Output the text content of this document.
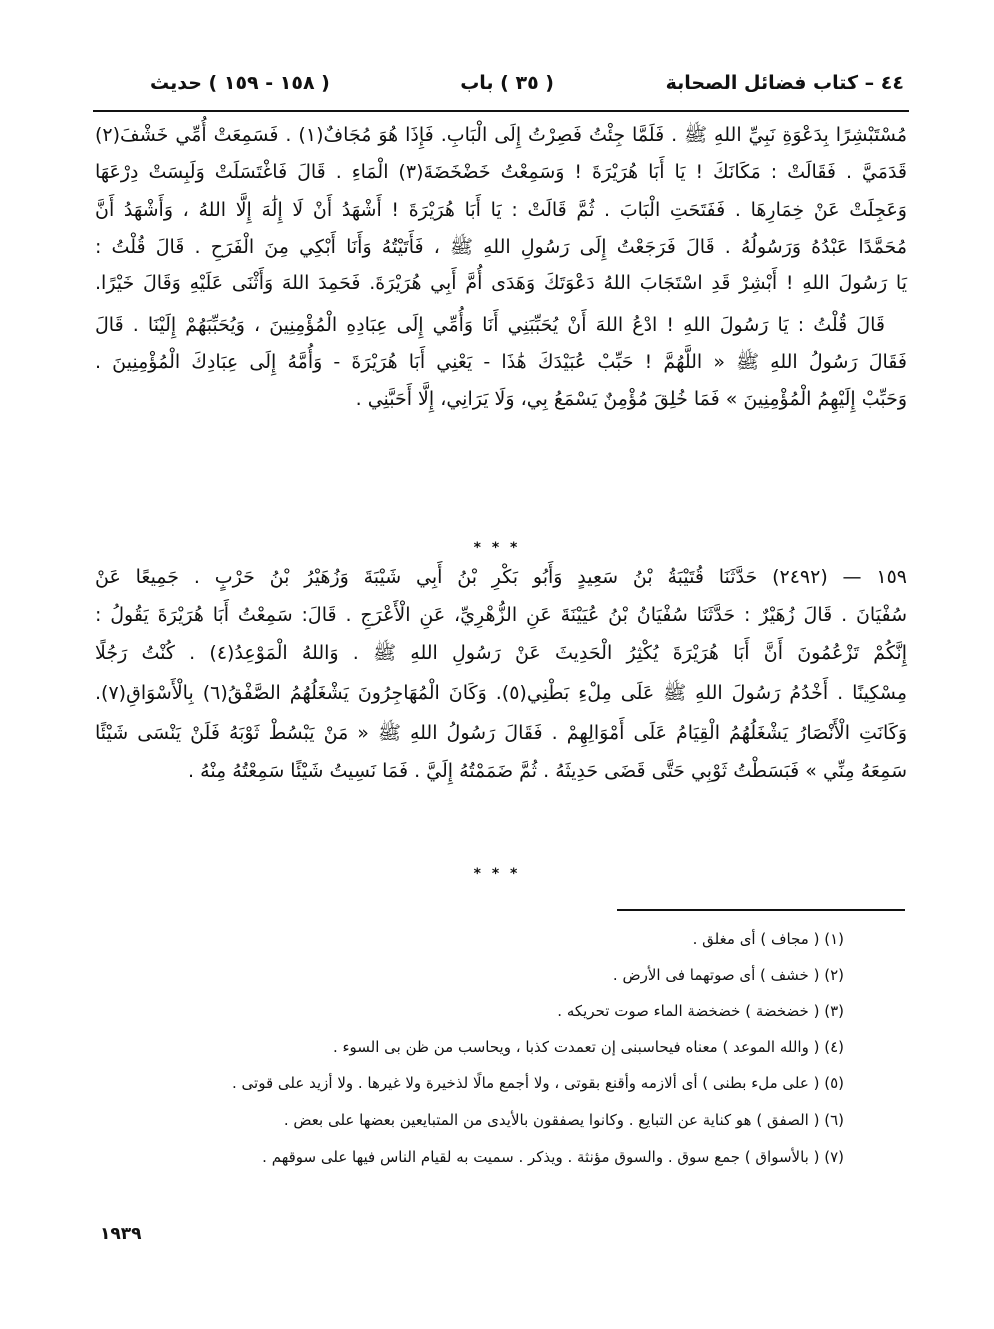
٤٤ – كتاب فضائل الصحابة
( ٣٥ ) باب
( ١٥٨ - ١٥٩ ) حديث
مُسْتَبْشِرًا بِدَعْوَةِ نَبِيِّ اللهِ ﷺ . فَلَمَّا جِئْتُ فَصِرْتُ إِلَى الْبَابِ. فَإِذَا هُوَ مُجَافٌ(١) . فَسَمِعَتْ أُمِّي خَشْفَ(٢)
قَدَمَيَّ . فَقَالَتْ : مَكَانَكَ ! يَا أَبَا هُرَيْرَةَ ! وَسَمِعْتُ خَضْخَضَةَ(٣) الْمَاءِ . قَالَ فَاغْتَسَلَتْ وَلَبِسَتْ دِرْعَهَا
وَعَجِلَتْ عَنْ خِمَارِهَا . فَفَتَحَتِ الْبَابَ . ثُمَّ قَالَتْ : يَا أَبَا هُرَيْرَةَ ! أَشْهَدُ أَنْ لَا إِلَٰهَ إِلَّا اللهُ ، وَأَشْهَدُ أَنَّ
مُحَمَّدًا عَبْدُهُ وَرَسُولُهُ . قَالَ فَرَجَعْتُ إِلَى رَسُولِ اللهِ ﷺ ، فَأَتَيْتُهُ وَأَنَا أَبْكِي مِنَ الْفَرَحِ . قَالَ قُلْتُ :
يَا رَسُولَ اللهِ ! أَبْشِرْ قَدِ اسْتَجَابَ اللهُ دَعْوَتَكَ وَهَدَى أُمَّ أَبِي هُرَيْرَةَ. فَحَمِدَ اللهَ وَأَثْنَى عَلَيْهِ وَقَالَ خَيْرًا.
قَالَ قُلْتُ : يَا رَسُولَ اللهِ ! ادْعُ اللهَ أَنْ يُحَبِّبَنِي أَنَا وَأُمِّي إِلَى عِبَادِهِ الْمُؤْمِنِينَ ، وَيُحَبِّبَهُمْ إِلَيْنَا . قَالَ
فَقَالَ رَسُولُ اللهِ ﷺ « اللَّهُمَّ ! حَبِّبْ عُبَيْدَكَ هَٰذَا - يَعْنِي أَبَا هُرَيْرَةَ - وَأُمَّهُ إِلَى عِبَادِكَ الْمُؤْمِنِينَ .
وَحَبِّبْ إِلَيْهِمُ الْمُؤْمِنِينَ » فَمَا خُلِقَ مُؤْمِنٌ يَسْمَعُ بِي، وَلَا يَرَانِي، إِلَّا أَحَبَّنِي .
* * *
١٥٩ — (٢٤٩٢) حَدَّثَنَا قُتَيْبَةُ بْنُ سَعِيدٍ وَأَبُو بَكْرِ بْنُ أَبِي شَيْبَةَ وَزُهَيْرُ بْنُ حَرْبٍ . جَمِيعًا عَنْ
سُفْيَانَ . قَالَ زُهَيْرٌ : حَدَّثَنَا سُفْيَانُ بْنُ عُيَيْنَةَ عَنِ الزُّهْرِيِّ، عَنِ الْأَعْرَجِ . قَالَ: سَمِعْتُ أَبَا هُرَيْرَةَ يَقُولُ :
إِنَّكُمْ تَزْعُمُونَ أَنَّ أَبَا هُرَيْرَةَ يُكْثِرُ الْحَدِيثَ عَنْ رَسُولِ اللهِ ﷺ . وَاللهُ الْمَوْعِدُ(٤) . كُنْتُ رَجُلًا
مِسْكِينًا . أَخْدُمُ رَسُولَ اللهِ ﷺ عَلَى مِلْءِ بَطْنِي(٥). وَكَانَ الْمُهَاجِرُونَ يَشْغَلُهُمُ الصَّفْقُ(٦) بِالْأَسْوَاقِ(٧).
وَكَانَتِ الْأَنْصَارُ يَشْغَلُهُمُ الْقِيَامُ عَلَى أَمْوَالِهِمْ . فَقَالَ رَسُولُ اللهِ ﷺ « مَنْ يَبْسُطْ ثَوْبَهُ فَلَنْ يَنْسَى شَيْئًا
سَمِعَهُ مِنِّي » فَبَسَطْتُ ثَوْبِي حَتَّى قَضَى حَدِيثَهُ . ثُمَّ ضَمَمْتُهُ إِلَيَّ . فَمَا نَسِيتُ شَيْئًا سَمِعْتُهُ مِنْهُ .
* * *
(١) ( مجاف ) أى مغلق .
(٢) ( خشف ) أى صوتهما فى الأرض .
(٣) ( خضخضة ) خضخضة الماء صوت تحريكه .
(٤) ( والله الموعد ) معناه فيحاسبنى إن تعمدت كذبا ، ويحاسب من ظن بى السوء .
(٥) ( على ملء بطنى ) أى ألازمه وأقنع بقوتى ، ولا أجمع مالًا لذخيرة ولا غيرها . ولا أزيد على قوتى .
(٦) ( الصفق ) هو كناية عن التبايع . وكانوا يصفقون بالأيدى من المتبايعين بعضها على بعض .
(٧) ( بالأسواق ) جمع سوق . والسوق مؤنثة . ويذكر . سميت به لقيام الناس فيها على سوقهم .
١٩٣٩
